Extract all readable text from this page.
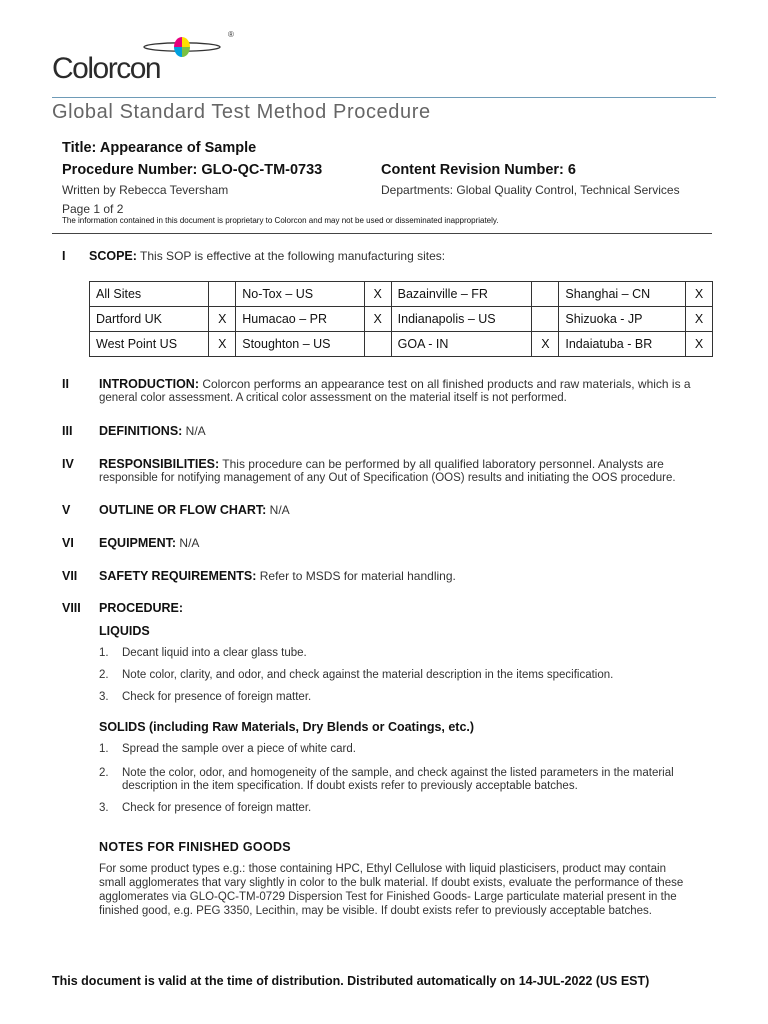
Colorcon
®
Global Standard Test Method Procedure
Title: Appearance of Sample
Procedure Number: GLO-QC-TM-0733	Content Revision Number: 6
Written by Rebecca Teversham	Departments: Global Quality Control, Technical Services
Page 1 of 2
The information contained in this document is proprietary to Colorcon and may not be used or disseminated inappropriately.
I SCOPE: This SOP is effective at the following manufacturing sites:
All Sites		No-Tox – US	X	Bazainville – FR		Shanghai – CN	X
Dartford UK	X	Humacao – PR	X	Indianapolis – US		Shizuoka - JP	X
West Point US	X	Stoughton – US		GOA - IN	X	Indaiatuba - BR	X
II INTRODUCTION: Colorcon performs an appearance test on all finished products and raw materials, which is a
general color assessment. A critical color assessment on the material itself is not performed.
III DEFINITIONS: N/A
IV RESPONSIBILITIES: This procedure can be performed by all qualified laboratory personnel. Analysts are
responsible for notifying management of any Out of Specification (OOS) results and initiating the OOS procedure.
V OUTLINE OR FLOW CHART: N/A
VI EQUIPMENT: N/A
VII SAFETY REQUIREMENTS: Refer to MSDS for material handling.
VIII PROCEDURE:
LIQUIDS
1. Decant liquid into a clear glass tube.
2. Note color, clarity, and odor, and check against the material description in the items specification.
3. Check for presence of foreign matter.
SOLIDS (including Raw Materials, Dry Blends or Coatings, etc.)
1. Spread the sample over a piece of white card.
2. Note the color, odor, and homogeneity of the sample, and check against the listed parameters in the material
description in the item specification. If doubt exists refer to previously acceptable batches.
3. Check for presence of foreign matter.
NOTES FOR FINISHED GOODS
For some product types e.g.: those containing HPC, Ethyl Cellulose with liquid plasticisers, product may contain
small agglomerates that vary slightly in color to the bulk material. If doubt exists, evaluate the performance of these
agglomerates via GLO-QC-TM-0729 Dispersion Test for Finished Goods- Large particulate material present in the
finished good, e.g. PEG 3350, Lecithin, may be visible. If doubt exists refer to previously acceptable batches.
This document is valid at the time of distribution. Distributed automatically on 14-JUL-2022 (US EST)
